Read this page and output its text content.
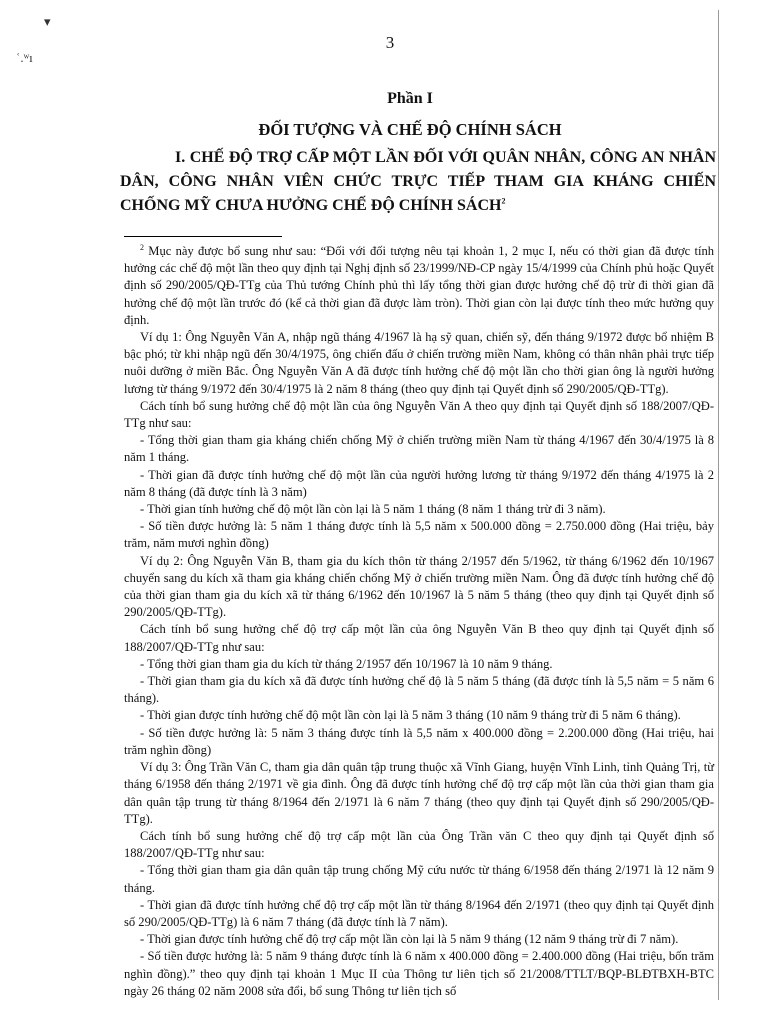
▾
ʿ.ʷı
3
Phần I
ĐỐI TƯỢNG VÀ CHẾ ĐỘ CHÍNH SÁCH
I. CHẾ ĐỘ TRỢ CẤP MỘT LẦN ĐỐI VỚI QUÂN NHÂN, CÔNG AN NHÂN DÂN, CÔNG NHÂN VIÊN CHỨC TRỰC TIẾP THAM GIA KHÁNG CHIẾN CHỐNG MỸ CHƯA HƯỞNG CHẾ ĐỘ CHÍNH SÁCH$^2$

$^2$ Mục này được bổ sung như sau: “Đối với đối tượng nêu tại khoản 1, 2 mục I, nếu có thời gian đã được tính hưởng các chế độ một lần theo quy định tại Nghị định số 23/1999/NĐ-CP ngày 15/4/1999 của Chính phủ hoặc Quyết định số 290/2005/QĐ-TTg của Thủ tướng Chính phủ thì lấy tổng thời gian được hưởng chế độ trừ đi thời gian đã hưởng chế độ một lần trước đó (kể cả thời gian đã được làm tròn). Thời gian còn lại được tính theo mức hưởng quy định.

Ví dụ 1: Ông Nguyễn Văn A, nhập ngũ tháng 4/1967 là hạ sỹ quan, chiến sỹ, đến tháng 9/1972 được bổ nhiệm B bậc phó; từ khi nhập ngũ đến 30/4/1975, ông chiến đấu ở chiến trường miền Nam, không có thân nhân phải trực tiếp nuôi dưỡng ở miền Bắc. Ông Nguyễn Văn A đã được tính hưởng chế độ một lần cho thời gian ông là người hưởng lương từ tháng 9/1972 đến 30/4/1975 là 2 năm 8 tháng (theo quy định tại Quyết định số 290/2005/QĐ-TTg).

Cách tính bổ sung hưởng chế độ một lần của ông Nguyễn Văn A theo quy định tại Quyết định số 188/2007/QĐ-TTg như sau:

- Tổng thời gian tham gia kháng chiến chống Mỹ ở chiến trường miền Nam từ tháng 4/1967 đến 30/4/1975 là 8 năm 1 tháng.

- Thời gian đã được tính hưởng chế độ một lần của người hưởng lương từ tháng 9/1972 đến tháng 4/1975 là 2 năm 8 tháng (đã được tính là 3 năm)

- Thời gian tính hưởng chế độ một lần còn lại là 5 năm 1 tháng (8 năm 1 tháng trừ đi 3 năm).

- Số tiền được hưởng là: 5 năm 1 tháng được tính là 5,5 năm x 500.000 đồng = 2.750.000 đồng (Hai triệu, bảy trăm, năm mươi nghìn đồng)

Ví dụ 2: Ông Nguyễn Văn B, tham gia du kích thôn từ tháng 2/1957 đến 5/1962, từ tháng 6/1962 đến 10/1967 chuyển sang du kích xã tham gia kháng chiến chống Mỹ ở chiến trường miền Nam. Ông đã được tính hưởng chế độ của thời gian tham gia du kích xã từ tháng 6/1962 đến 10/1967 là 5 năm 5 tháng (theo quy định tại Quyết định số 290/2005/QĐ-TTg).

Cách tính bổ sung hưởng chế độ trợ cấp một lần của ông Nguyễn Văn B theo quy định tại Quyết định số 188/2007/QĐ-TTg như sau:

- Tổng thời gian tham gia du kích từ tháng 2/1957 đến 10/1967 là 10 năm 9 tháng.

- Thời gian tham gia du kích xã đã được tính hưởng chế độ là 5 năm 5 tháng (đã được tính là 5,5 năm = 5 năm 6 tháng).

- Thời gian được tính hưởng chế độ một lần còn lại là 5 năm 3 tháng (10 năm 9 tháng trừ đi 5 năm 6 tháng).

- Số tiền được hưởng là: 5 năm 3 tháng được tính là 5,5 năm x 400.000 đồng = 2.200.000 đồng (Hai triệu, hai trăm nghìn đồng)

Ví dụ 3: Ông Trần Văn C, tham gia dân quân tập trung thuộc xã Vĩnh Giang, huyện Vĩnh Linh, tỉnh Quảng Trị, từ tháng 6/1958 đến tháng 2/1971 về gia đình. Ông đã được tính hưởng chế độ trợ cấp một lần của thời gian tham gia dân quân tập trung từ tháng 8/1964 đến 2/1971 là 6 năm 7 tháng (theo quy định tại Quyết định số 290/2005/QĐ-TTg).

Cách tính bổ sung hưởng chế độ trợ cấp một lần của Ông Trần văn C theo quy định tại Quyết định số 188/2007/QĐ-TTg như sau:

- Tổng thời gian tham gia dân quân tập trung chống Mỹ cứu nước từ tháng 6/1958 đến tháng 2/1971 là 12 năm 9 tháng.

- Thời gian đã được tính hưởng chế độ trợ cấp một lần từ tháng 8/1964 đến 2/1971 (theo quy định tại Quyết định số 290/2005/QĐ-TTg) là 6 năm 7 tháng (đã được tính là 7 năm).

- Thời gian được tính hưởng chế độ trợ cấp một lần còn lại là 5 năm 9 tháng (12 năm 9 tháng trừ đi 7 năm).

- Số tiền được hưởng là: 5 năm 9 tháng được tính là 6 năm x 400.000 đồng = 2.400.000 đồng (Hai triệu, bốn trăm nghìn đồng).” theo quy định tại khoản 1 Mục II của Thông tư liên tịch số 21/2008/TTLT/BQP-BLĐTBXH-BTC ngày 26 tháng 02 năm 2008 sửa đổi, bổ sung Thông tư liên tịch số
